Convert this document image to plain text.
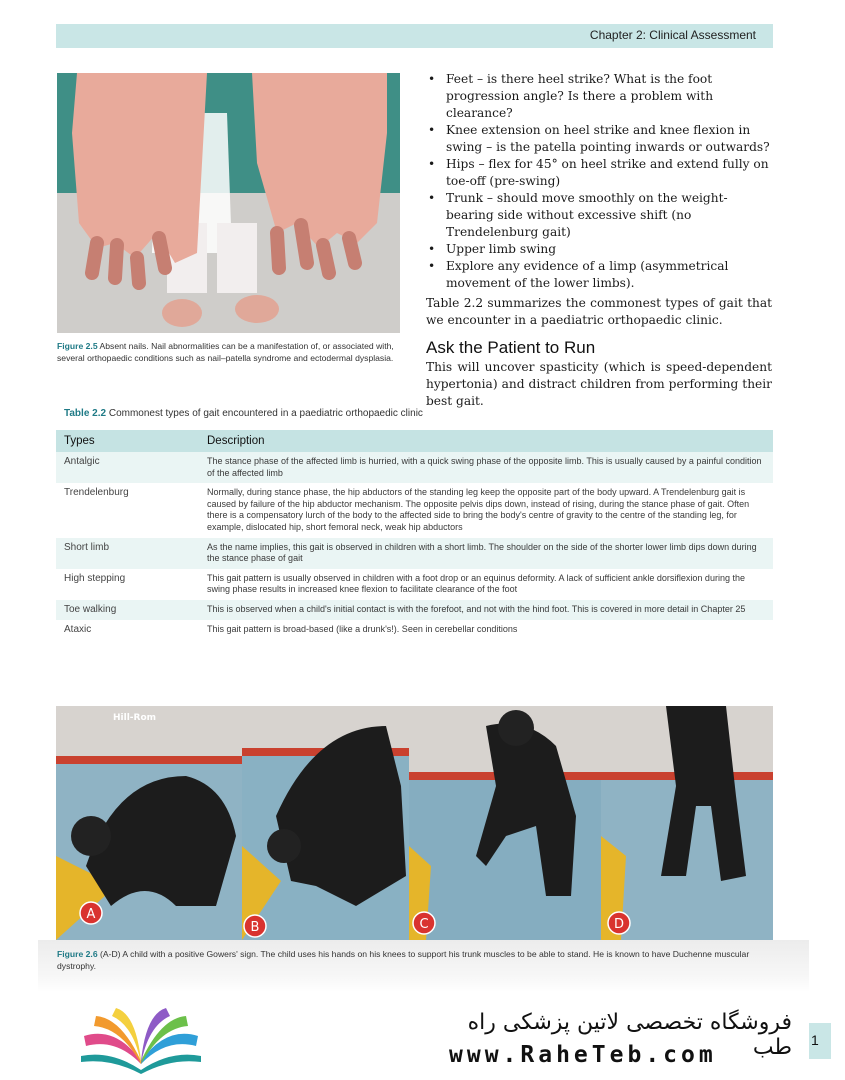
Chapter 2: Clinical Assessment
Figure 2.5 Absent nails. Nail abnormalities can be a manifestation of, or associated with, several orthopaedic conditions such as nail–patella syndrome and ectodermal dysplasia.
• Feet – is there heel strike? What is the foot progression angle? Is there a problem with clearance?
• Knee extension on heel strike and knee flexion in swing – is the patella pointing inwards or outwards?
• Hips – flex for 45° on heel strike and extend fully on toe-off (pre-swing)
• Trunk – should move smoothly on the weight-bearing side without excessive shift (no Trendelenburg gait)
• Upper limb swing
• Explore any evidence of a limp (asymmetrical movement of the lower limbs).
Table 2.2 summarizes the commonest types of gait that we encounter in a paediatric orthopaedic clinic.
Ask the Patient to Run
This will uncover spasticity (which is speed-dependent hypertonia) and distract children from performing their best gait.
Table 2.2 Commonest types of gait encountered in a paediatric orthopaedic clinic
Types	Description
Antalgic	The stance phase of the affected limb is hurried, with a quick swing phase of the opposite limb. This is usually caused by a painful condition of the affected limb
Trendelenburg	Normally, during stance phase, the hip abductors of the standing leg keep the opposite part of the body upward. A Trendelenburg gait is caused by failure of the hip abductor mechanism. The opposite pelvis dips down, instead of rising, during the stance phase of gait. Often there is a compensatory lurch of the body to the affected side to bring the body's centre of gravity to the centre of the standing leg, for example, dislocated hip, short femoral neck, weak hip abductors
Short limb	As the name implies, this gait is observed in children with a short limb. The shoulder on the side of the shorter lower limb dips down during the stance phase of gait
High stepping	This gait pattern is usually observed in children with a foot drop or an equinus deformity. A lack of sufficient ankle dorsiflexion during the swing phase results in increased knee flexion to facilitate clearance of the foot
Toe walking	This is observed when a child's initial contact is with the forefoot, and not with the hind foot. This is covered in more detail in Chapter 25
Ataxic	This gait pattern is broad-based (like a drunk's!). Seen in cerebellar conditions
Hill-Rom
A
B	C	D
Figure 2.6 (A-D) A child with a positive Gowers' sign. The child uses his hands on his knees to support his trunk muscles to be able to stand. He is known to have Duchenne muscular dystrophy.
فروشگاه تخصصی لاتین پزشکی راه طب
www.RaheTeb.com
1
